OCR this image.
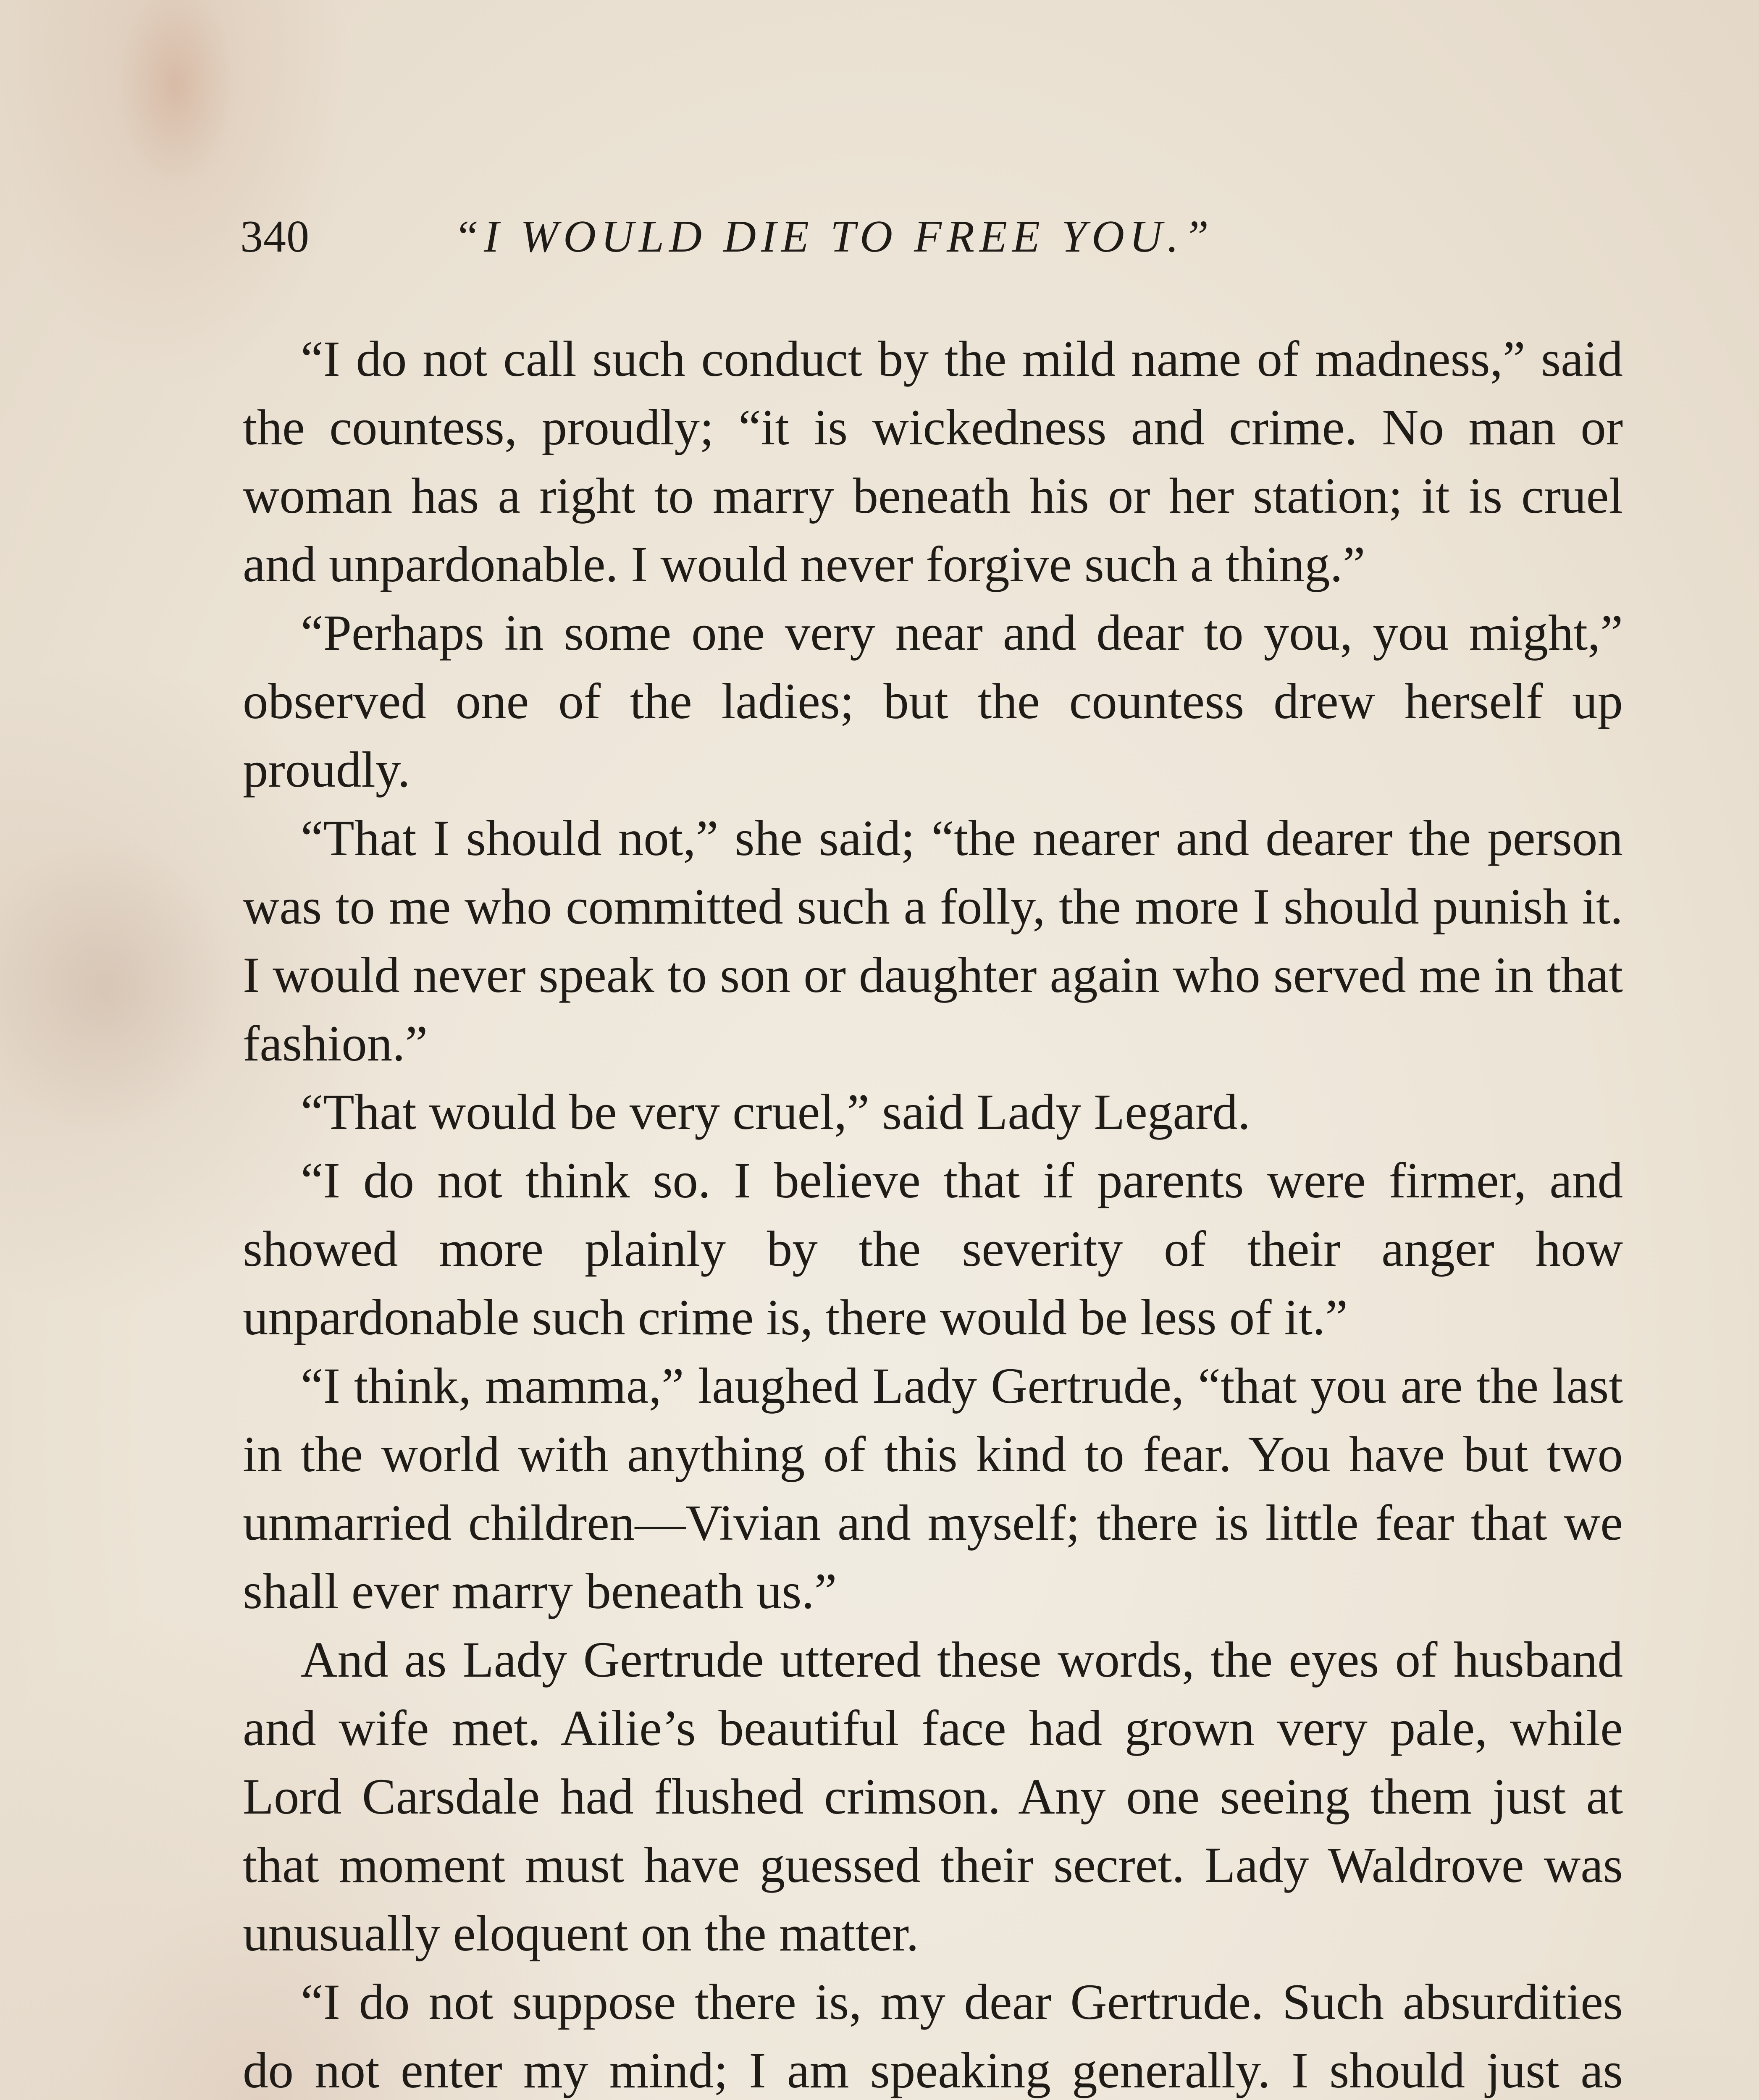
340	“I WOULD DIE TO FREE YOU.”

“I do not call such conduct by the mild name of madness,” said the countess, proudly; “it is wickedness and crime. No man or woman has a right to marry beneath his or her station; it is cruel and unpardonable. I would never forgive such a thing.”

“Perhaps in some one very near and dear to you, you might,” observed one of the ladies; but the countess drew herself up proudly.

“That I should not,” she said; “the nearer and dearer the person was to me who committed such a folly, the more I should punish it. I would never speak to son or daughter again who served me in that fashion.”

“That would be very cruel,” said Lady Legard.

“I do not think so. I believe that if parents were firmer, and showed more plainly by the severity of their anger how unpardonable such crime is, there would be less of it.”

“I think, mamma,” laughed Lady Gertrude, “that you are the last in the world with anything of this kind to fear. You have but two unmarried children—Vivian and myself; there is little fear that we shall ever marry beneath us.”

And as Lady Gertrude uttered these words, the eyes of husband and wife met. Ailie’s beautiful face had grown very pale, while Lord Carsdale had flushed crimson. Any one seeing them just at that moment must have guessed their secret. Lady Waldrove was unusually eloquent on the matter.

“I do not suppose there is, my dear Gertrude. Such absurdities do not enter my mind; I am speaking generally. I should just as
